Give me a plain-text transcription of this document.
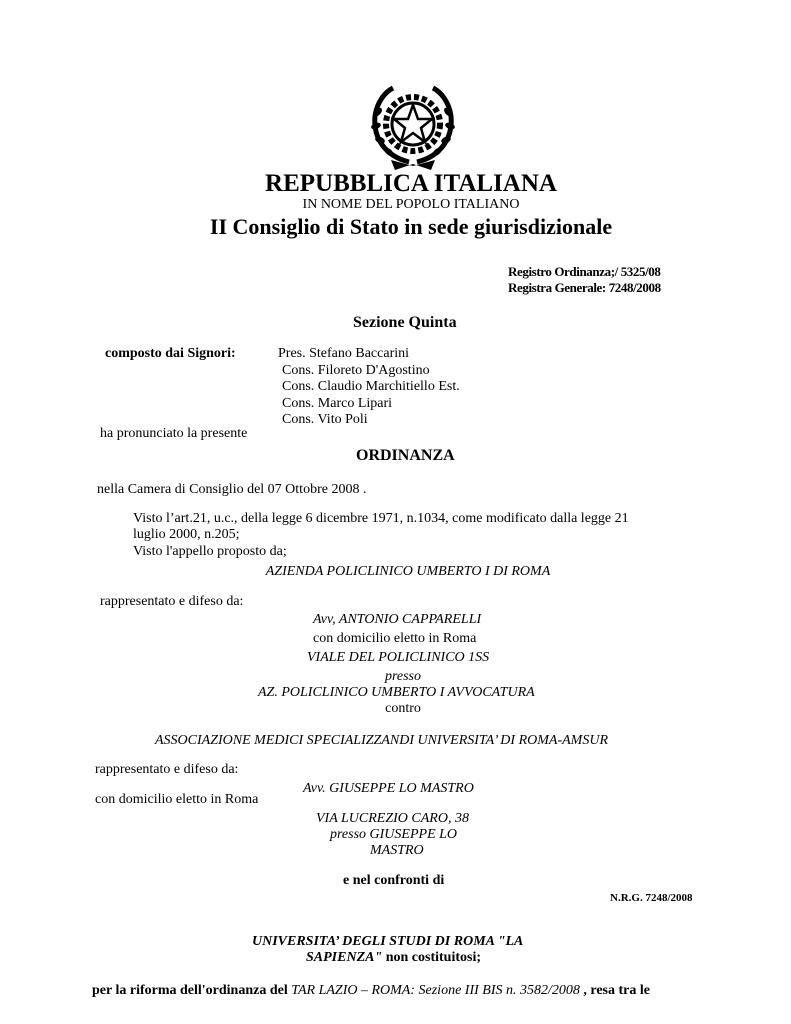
REPUBBLICA ITALIANA
IN NOME DEL POPOLO ITALIANO
II Consiglio di Stato in sede giurisdizionale
Registro Ordinanza;/ 5325/08
Registra Generale: 7248/2008
Sezione Quinta
composto dai Signori:	Pres. Stefano Baccarini
Cons. Filoreto D'Agostino
Cons. Claudio Marchitiello Est.
Cons. Marco Lipari
Cons. Vito Poli
ha pronunciato la presente
ORDINANZA
nella Camera di Consiglio del 07 Ottobre 2008 .
Visto l’art.21, u.c., della legge 6 dicembre 1971, n.1034, come modificato dalla legge 21
luglio 2000, n.205;
Visto l'appello proposto da;
AZIENDA POLICLINICO UMBERTO I DI ROMA
rappresentato e difeso da:
Avv, ANTONIO CAPPARELLI
con domicilio eletto in Roma
VIALE DEL POLICLINICO 1SS
presso
AZ. POLICLINICO UMBERTO I AVVOCATURA
contro
ASSOCIAZIONE MEDICI SPECIALIZZANDI UNIVERSITA’ DI ROMA-AMSUR
rappresentato e difeso da:
Avv. GIUSEPPE LO MASTRO
con domicilio eletto in Roma
VIA LUCREZIO CARO, 38
presso GIUSEPPE LO
MASTRO
e nel confronti di
N.R.G. 7248/2008
UNIVERSITA’ DEGLI STUDI DI ROMA "LA
SAPIENZA" non costituitosi;
per la riforma dell'ordinanza del TAR LAZIO – ROMA: Sezione III BIS n. 3582/2008 , resa tra le
